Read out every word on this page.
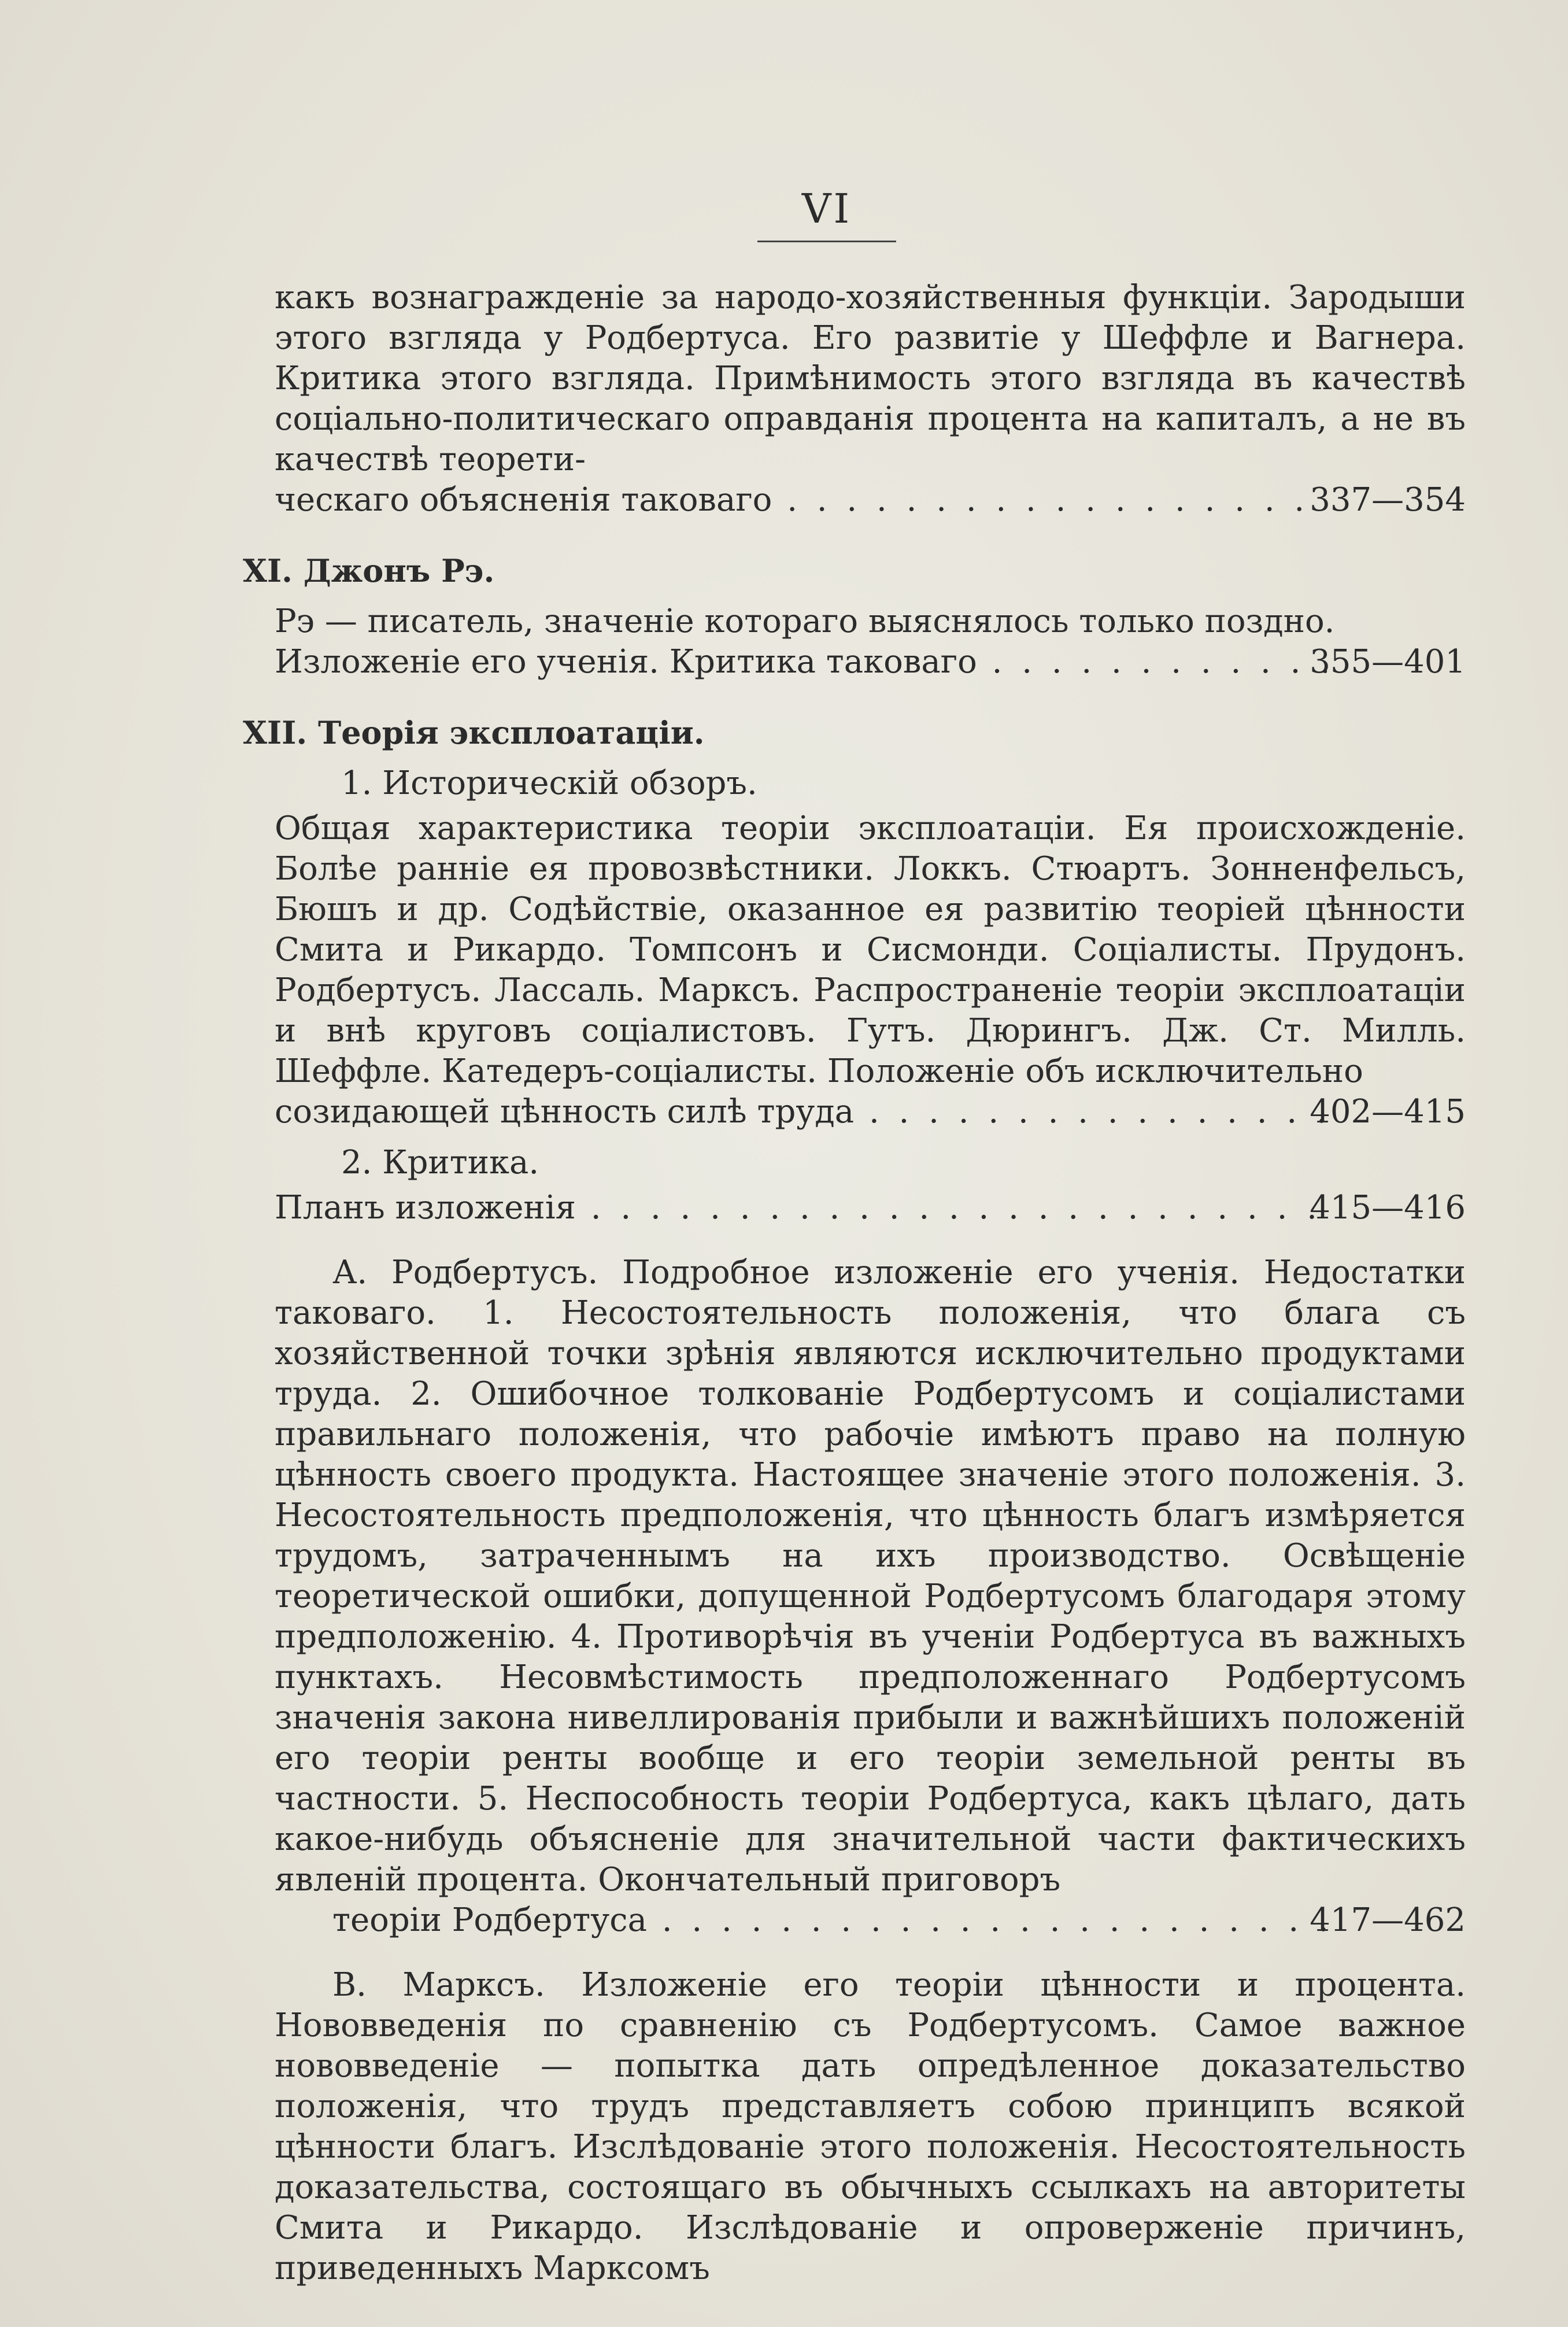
VI

какъ вознагражденіе за народо-хозяйственныя функціи. Зародыши этого взгляда у Родбертуса. Его развитіе у Шеффле и Вагнера. Критика этого взгляда. Примѣнимость этого взгляда въ качествѣ соціально-политическаго оправданія процента на капиталъ, а не въ качествѣ теорети-
ческаго объясненія таковаго . . .	337—354
XI. Джонъ Рэ.

Рэ — писатель, значеніе котораго выяснялось только поздно.
Изложеніе его ученія. Критика таковаго . . .	355—401
XII. Теорія эксплоатаціи.
1. Историческій обзоръ.

Общая характеристика теоріи эксплоатаціи. Ея происхожденіе. Болѣе ранніе ея провозвѣстники. Локкъ. Стюартъ. Зонненфельсъ, Бюшъ и др. Содѣйствіе, оказанное ея развитію теоріей цѣнности Смита и Рикардо. Томпсонъ и Сисмонди. Соціалисты. Прудонъ. Родбертусъ. Лассаль. Марксъ. Распространеніе теоріи эксплоатаціи и внѣ круговъ соціалистовъ. Гутъ. Дюрингъ. Дж. Ст. Милль. Шеффле. Катедеръ-соціалисты. Положеніе объ исключительно
созидающей цѣнность силѣ труда . . .	402—415
2. Критика.

Планъ изложенія . . .	415—416

А. Родбертусъ. Подробное изложеніе его ученія. Недостатки таковаго. 1. Несостоятельность положенія, что блага съ хозяйственной точки зрѣнія являются исключительно продуктами труда. 2. Ошибочное толкованіе Родбертусомъ и соціалистами правильнаго положенія, что рабочіе имѣютъ право на полную цѣнность своего продукта. Настоящее значеніе этого положенія. 3. Несостоятельность предположенія, что цѣнность благъ измѣряется трудомъ, затраченнымъ на ихъ производство. Освѣщеніе теоретической ошибки, допущенной Родбертусомъ благодаря этому предположенію. 4. Противорѣчія въ ученіи Родбертуса въ важныхъ пунктахъ. Несовмѣстимость предположеннаго Родбертусомъ значенія закона нивеллированія прибыли и важнѣйшихъ положеній его теоріи ренты вообще и его теоріи земельной ренты въ частности. 5. Неспособность теоріи Родбертуса, какъ цѣлаго, дать какое-нибудь объясненіе для значительной части фактическихъ явленій процента. Окончательный приговоръ
теоріи Родбертуса . . .	417—462

В. Марксъ. Изложеніе его теоріи цѣнности и процента. Нововведенія по сравненію съ Родбертусомъ. Самое важное нововведеніе — попытка дать опредѣленное доказательство положенія, что трудъ представляетъ собою принципъ всякой цѣнности благъ. Изслѣдованіе этого положенія. Несостоятельность доказательства, состоящаго въ обычныхъ ссылкахъ на авторитеты Смита и Рикардо. Изслѣдованіе и опроверженіе причинъ, приведенныхъ Марксомъ
